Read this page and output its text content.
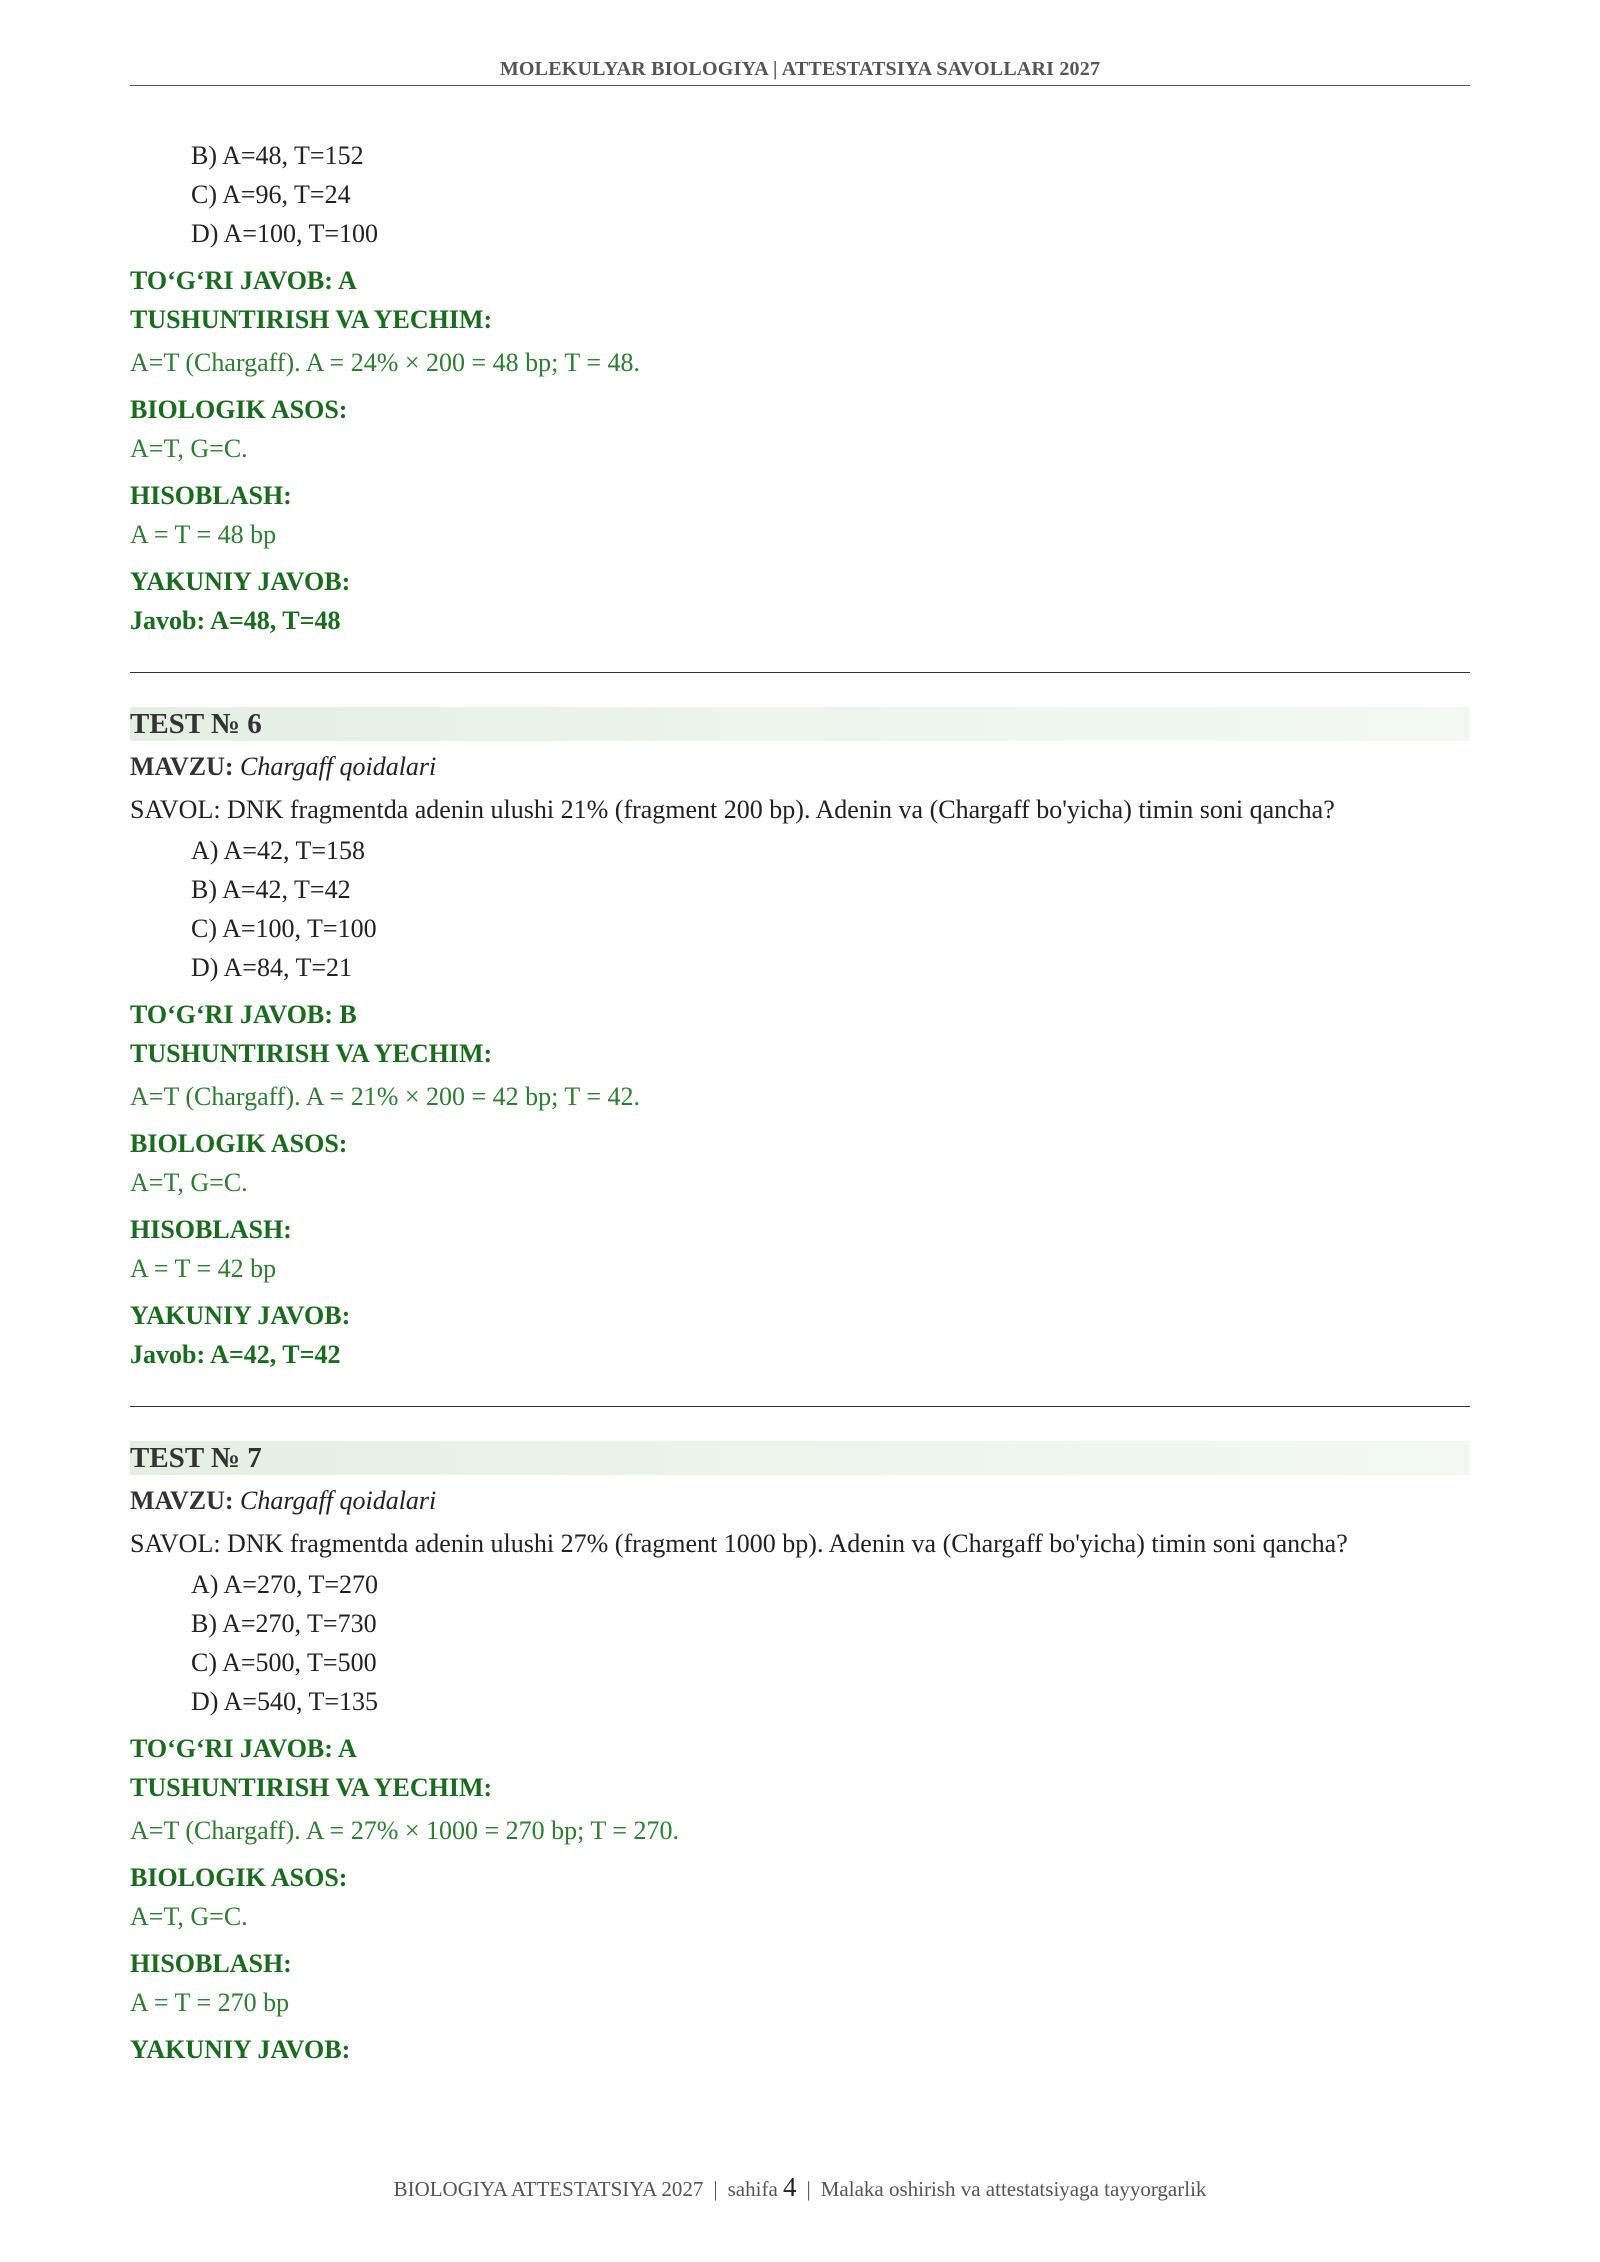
MOLEKULYAR BIOLOGIYA | ATTESTATSIYA SAVOLLARI 2027
B) A=48, T=152
C) A=96, T=24
D) A=100, T=100
TO‘G‘RI JAVOB: A
TUSHUNTIRISH VA YECHIM:
A=T (Chargaff). A = 24% × 200 = 48 bp; T = 48.
BIOLOGIK ASOS:
A=T, G=C.
HISOBLASH:
A = T = 48 bp
YAKUNIY JAVOB:
Javob: A=48, T=48
TEST № 6
MAVZU: Chargaff qoidalari
SAVOL: DNK fragmentda adenin ulushi 21% (fragment 200 bp). Adenin va (Chargaff bo'yicha) timin soni qancha?
A) A=42, T=158
B) A=42, T=42
C) A=100, T=100
D) A=84, T=21
TO‘G‘RI JAVOB: B
TUSHUNTIRISH VA YECHIM:
A=T (Chargaff). A = 21% × 200 = 42 bp; T = 42.
BIOLOGIK ASOS:
A=T, G=C.
HISOBLASH:
A = T = 42 bp
YAKUNIY JAVOB:
Javob: A=42, T=42
TEST № 7
MAVZU: Chargaff qoidalari
SAVOL: DNK fragmentda adenin ulushi 27% (fragment 1000 bp). Adenin va (Chargaff bo'yicha) timin soni qancha?
A) A=270, T=270
B) A=270, T=730
C) A=500, T=500
D) A=540, T=135
TO‘G‘RI JAVOB: A
TUSHUNTIRISH VA YECHIM:
A=T (Chargaff). A = 27% × 1000 = 270 bp; T = 270.
BIOLOGIK ASOS:
A=T, G=C.
HISOBLASH:
A = T = 270 bp
YAKUNIY JAVOB:
BIOLOGIYA ATTESTATSIYA 2027 | sahifa 4 | Malaka oshirish va attestatsiyaga tayyorgarlik
